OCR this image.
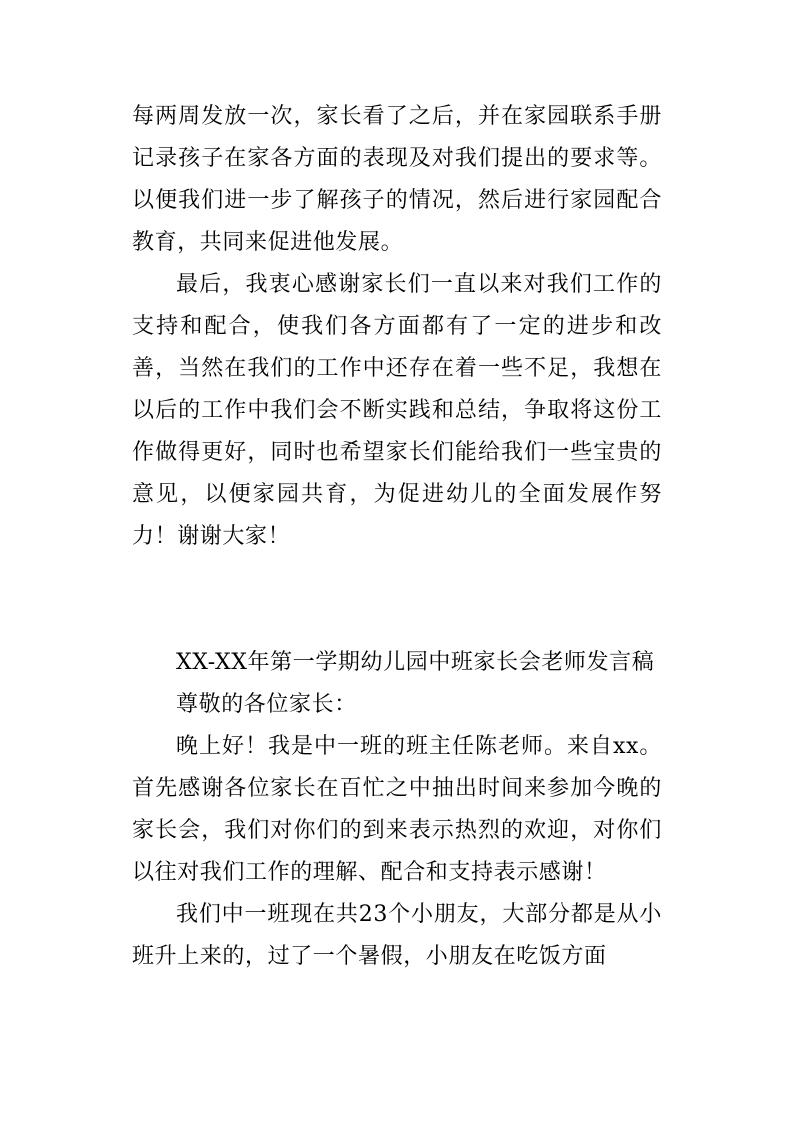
每两周发放一次，家长看了之后，并在家园联系手册记录孩子在家各方面的表现及对我们提出的要求等。以便我们进一步了解孩子的情况，然后进行家园配合教育，共同来促进他发展。

最后，我衷心感谢家长们一直以来对我们工作的支持和配合，使我们各方面都有了一定的进步和改善，当然在我们的工作中还存在着一些不足，我想在以后的工作中我们会不断实践和总结，争取将这份工作做得更好，同时也希望家长们能给我们一些宝贵的意见，以便家园共育，为促进幼儿的全面发展作努力！谢谢大家！

XX-XX年第一学期幼儿园中班家长会老师发言稿

尊敬的各位家长：

晚上好！我是中一班的班主任陈老师。来自xx。首先感谢各位家长在百忙之中抽出时间来参加今晚的家长会，我们对你们的到来表示热烈的欢迎，对你们以往对我们工作的理解、配合和支持表示感谢！

我们中一班现在共23个小朋友，大部分都是从小班升上来的，过了一个暑假，小朋友在吃饭方面
